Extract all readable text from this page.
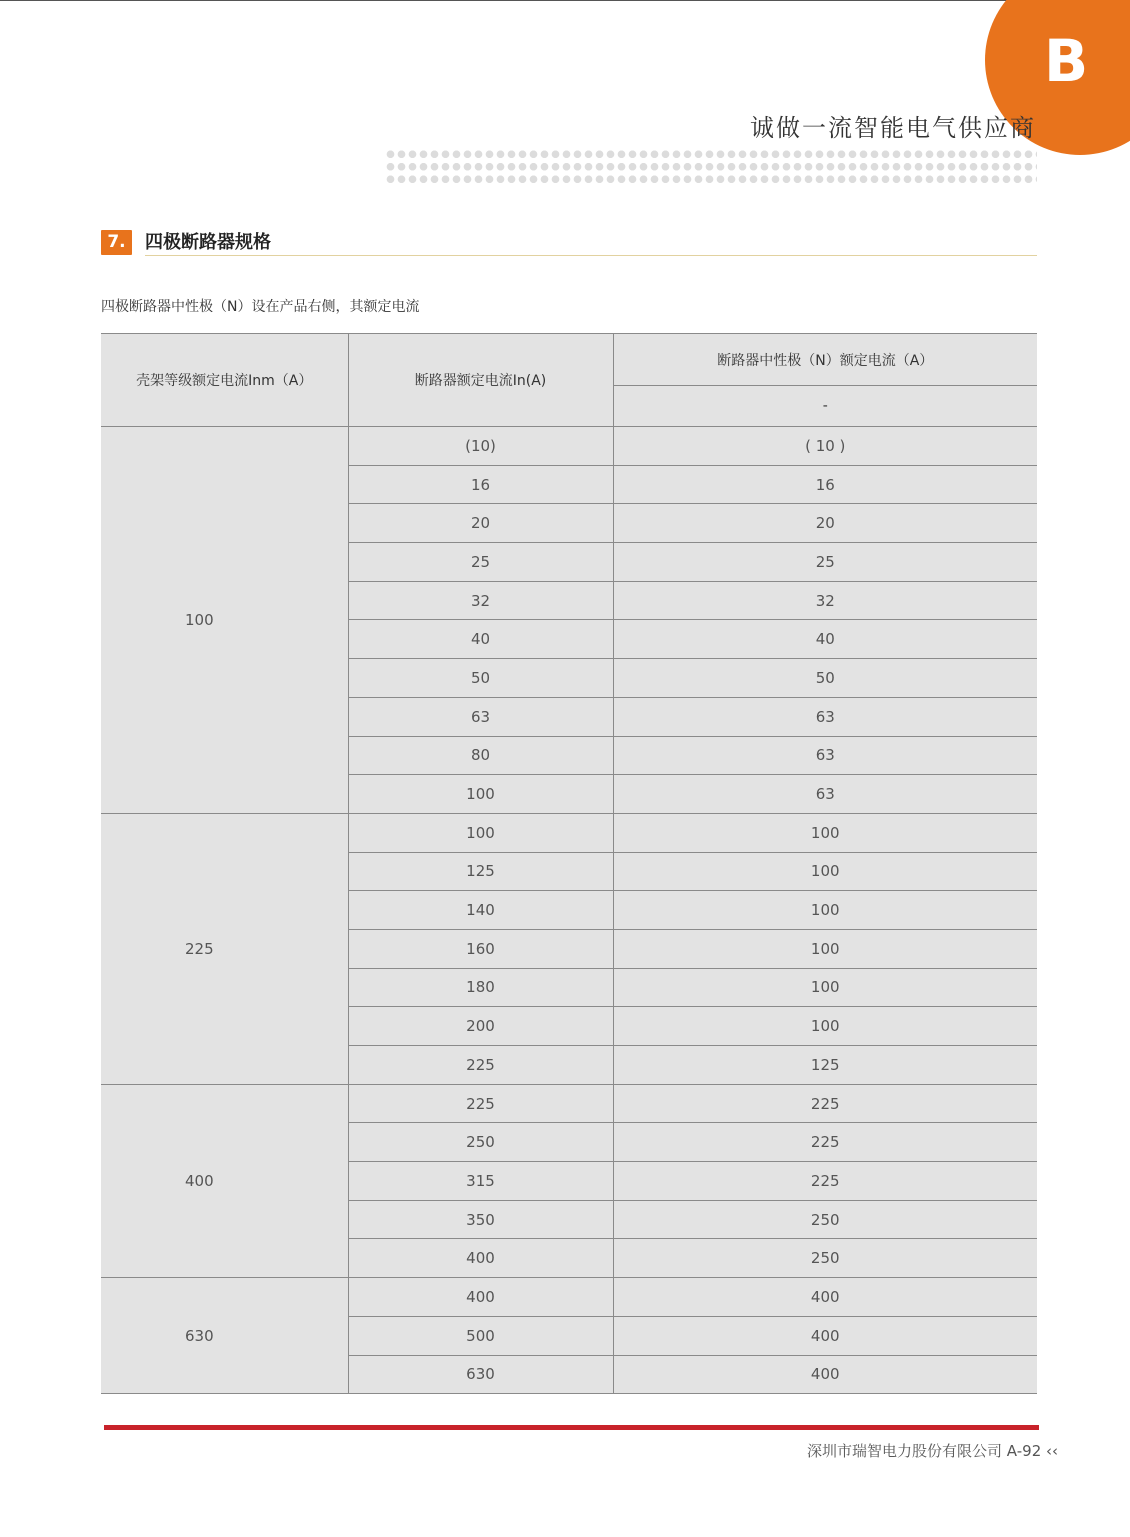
B
诚做一流智能电气供应商
7.	四极断路器规格
四极断路器中性极（N）设在产品右侧，其额定电流
壳架等级额定电流Inm（A）	断路器额定电流In(A)	断路器中性极（N）额定电流（A）
		-
100	(10)	( 10 )
	16	16
	20	20
	25	25
	32	32
	40	40
	50	50
	63	63
	80	63
	100	63
225	100	100
	125	100
	140	100
	160	100
	180	100
	200	100
	225	125
400	225	225
	250	225
	315	225
	350	250
	400	250
630	400	400
	500	400
	630	400
深圳市瑞智电力股份有限公司 A-92 ‹‹
